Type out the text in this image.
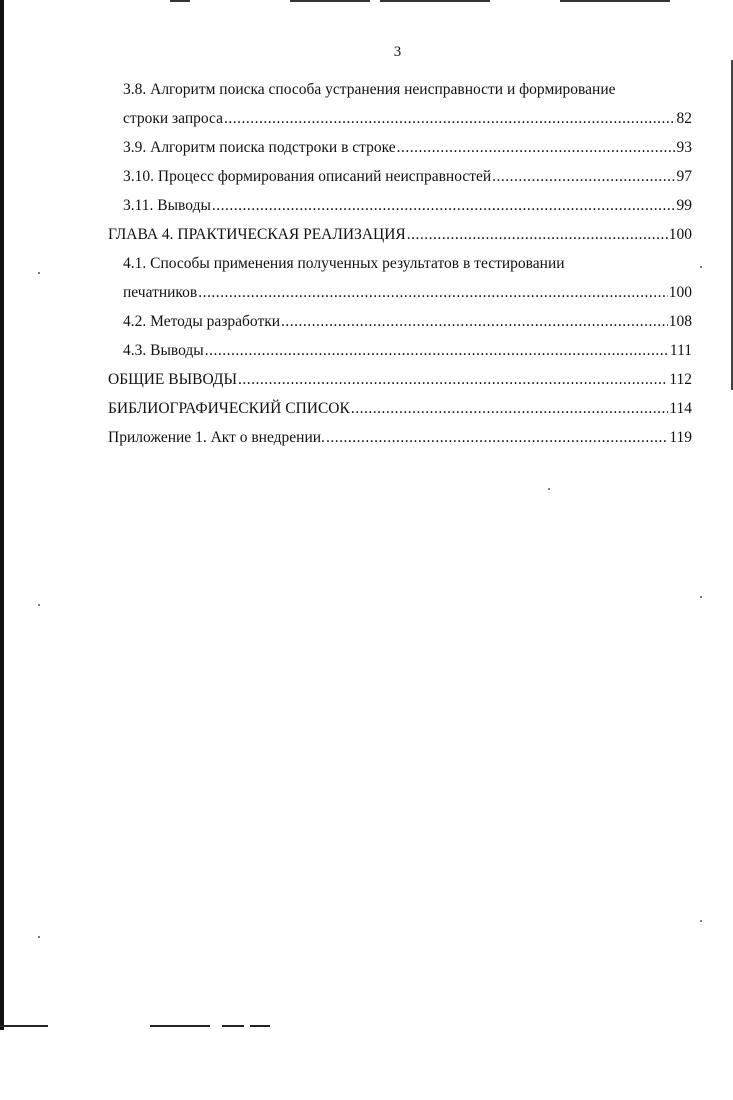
3
3.8. Алгоритм поиска способа устранения неисправности и формирование
строки запроса .....	82
3.9. Алгоритм поиска подстроки в строке .....	93
3.10. Процесс формирования описаний неисправностей .....	97
3.11. Выводы .....	99
ГЛАВА 4. ПРАКТИЧЕСКАЯ РЕАЛИЗАЦИЯ .....	100
4.1. Способы применения полученных результатов в тестировании
печатников .....	100
4.2. Методы разработки .....	108
4.3. Выводы .....	111
ОБЩИЕ ВЫВОДЫ .....	112
БИБЛИОГРАФИЧЕСКИЙ СПИСОК .....	114
Приложение 1. Акт о внедрении. .....	119
